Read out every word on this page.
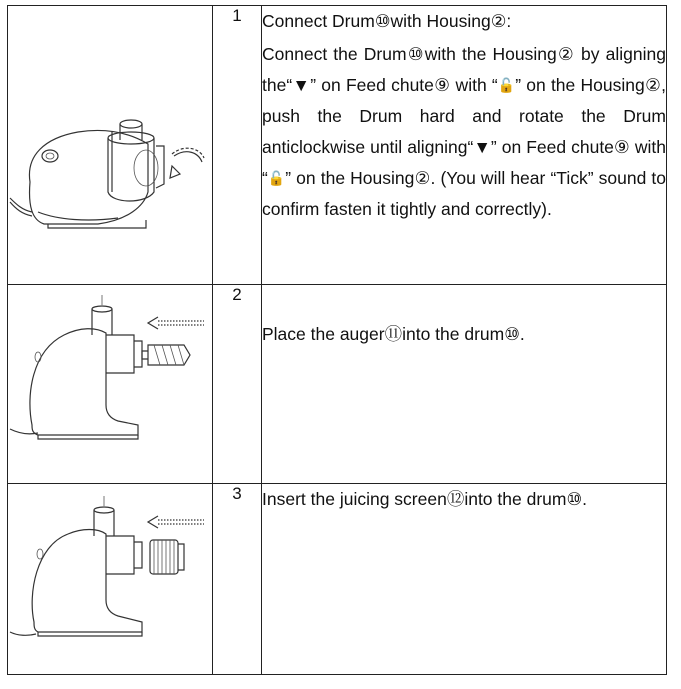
	1	Connect Drum⑩with Housing②:
Connect the Drum⑩with the Housing② by aligning the“▼” on Feed chute⑨ with “🔓” on the Housing②, push the Drum hard and rotate the Drum anticlockwise until aligning“▼” on Feed chute⑨ with “🔓” on the Housing②. (You will hear “Tick” sound to confirm fasten it tightly and correctly).

	2	Place the auger⑪into the drum⑩.

	3	Insert the juicing screen⑫into the drum⑩.
